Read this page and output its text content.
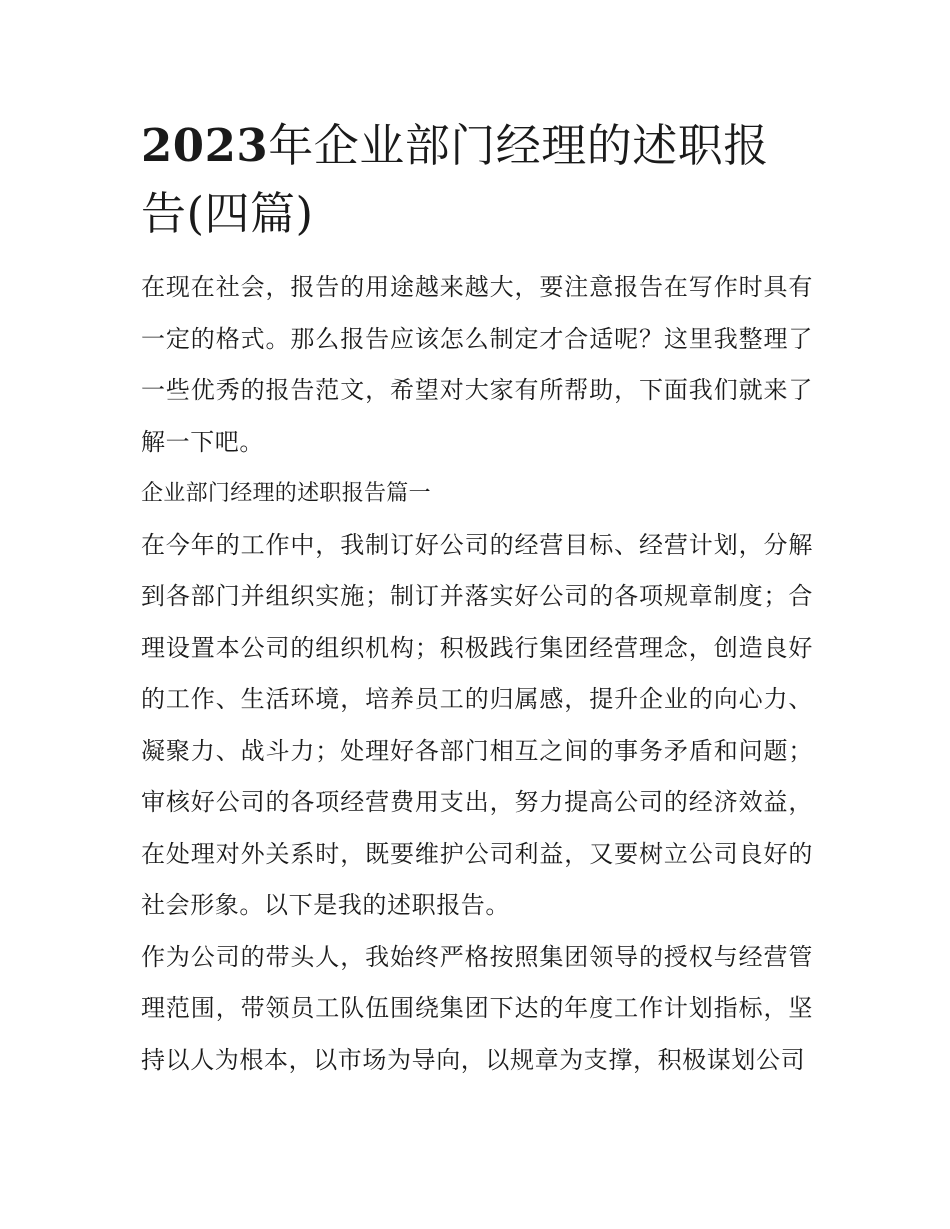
2023年企业部门经理的述职报告(四篇)

在现在社会，报告的用途越来越大，要注意报告在写作时具有一定的格式。那么报告应该怎么制定才合适呢？这里我整理了一些优秀的报告范文，希望对大家有所帮助，下面我们就来了解一下吧。

企业部门经理的述职报告篇一

在今年的工作中，我制订好公司的经营目标、经营计划，分解到各部门并组织实施；制订并落实好公司的各项规章制度；合理设置本公司的组织机构；积极践行集团经营理念，创造良好的工作、生活环境，培养员工的归属感，提升企业的向心力、凝聚力、战斗力；处理好各部门相互之间的事务矛盾和问题；审核好公司的各项经营费用支出，努力提高公司的经济效益，在处理对外关系时，既要维护公司利益，又要树立公司良好的社会形象。以下是我的述职报告。

作为公司的带头人，我始终严格按照集团领导的授权与经营管理范围，带领员工队伍围绕集团下达的年度工作计划指标，坚持以人为根本，以市场为导向，以规章为支撑，积极谋划公司
